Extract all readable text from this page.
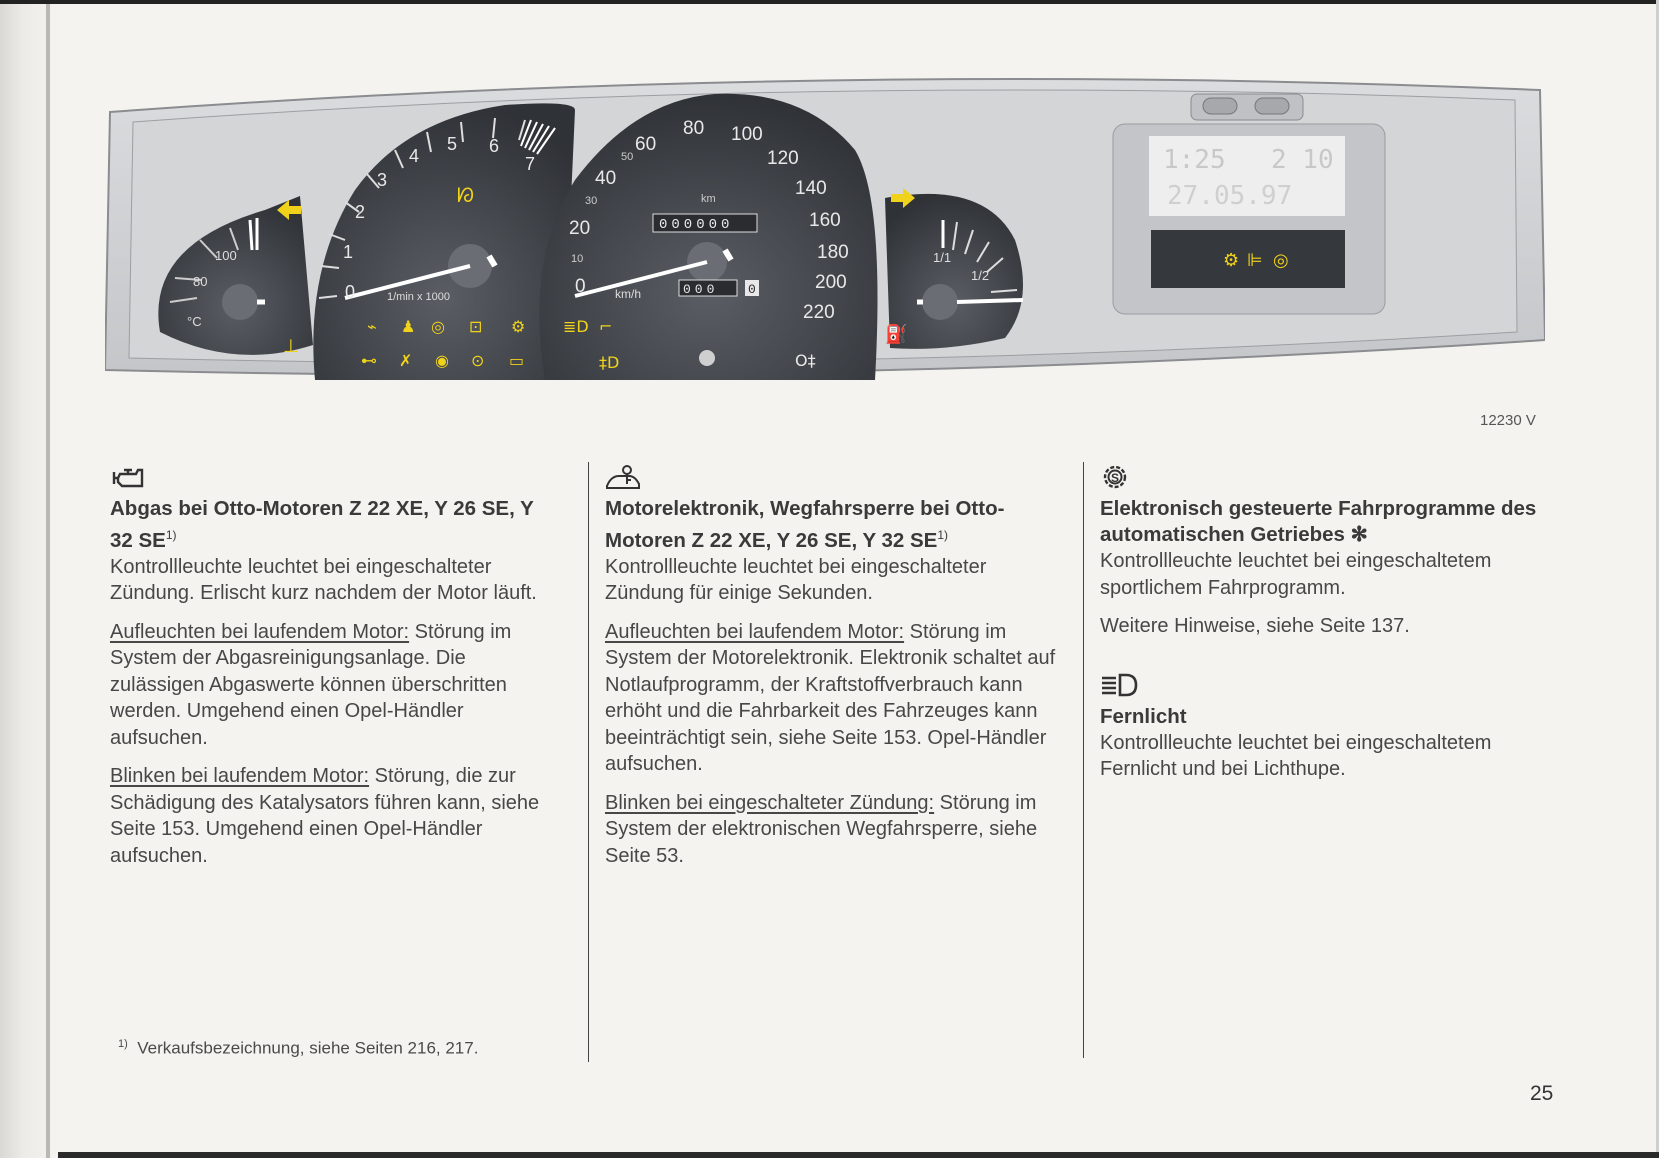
80
100
°C
⊥
0
1
2
3
4
5 6
7
1/min x 1000
ᘗ
⌁ ♟ ◎ ⊡ ⚙
⊷ ✗ ◉ ⊙ ▭
0
20
40
60
80 100
120
140
160
180
200
220
10
30
50
km
000000
000 0
km/h
≣D ⌐
‡D	O‡
1/1
1/2
⛽
1:25 2 10
27.05.97
⚙ ⊫ ◎
12230 V

Abgas bei Otto-Motoren Z 22 XE, Y 26 SE, Y 32 SE$^{1)}$

Kontrollleuchte leuchtet bei eingeschalteter Zündung. Erlischt kurz nachdem der Motor läuft.

Aufleuchten bei laufendem Motor: Störung im System der Abgasreinigungsanlage. Die zulässigen Abgaswerte können überschritten werden. Umgehend einen Opel-Händler aufsuchen.

Blinken bei laufendem Motor: Störung, die zur Schädigung des Katalysators führen kann, siehe Seite 153. Umgehend einen Opel-Händler aufsuchen.

Motorelektronik, Wegfahrsperre bei Otto-Motoren Z 22 XE, Y 26 SE, Y 32 SE$^{1)}$

Kontrollleuchte leuchtet bei eingeschalteter Zündung für einige Sekunden.

Aufleuchten bei laufendem Motor: Störung im System der Motorelektronik. Elektronik schaltet auf Notlaufprogramm, der Kraftstoffverbrauch kann erhöht und die Fahrbarkeit des Fahrzeuges kann beeinträchtigt sein, siehe Seite 153. Opel-Händler aufsuchen.

Blinken bei eingeschalteter Zündung: Störung im System der elektronischen Wegfahrsperre, siehe Seite 53.

S

Elektronisch gesteuerte Fahrprogramme des automatischen Getriebes ✻

Kontrollleuchte leuchtet bei eingeschaltetem sportlichem Fahrprogramm.

Weitere Hinweise, siehe Seite 137.

Fernlicht

Kontrollleuchte leuchtet bei eingeschaltetem Fernlicht und bei Lichthupe.

$^{1)}$ Verkaufsbezeichnung, siehe Seiten 216, 217.
25
